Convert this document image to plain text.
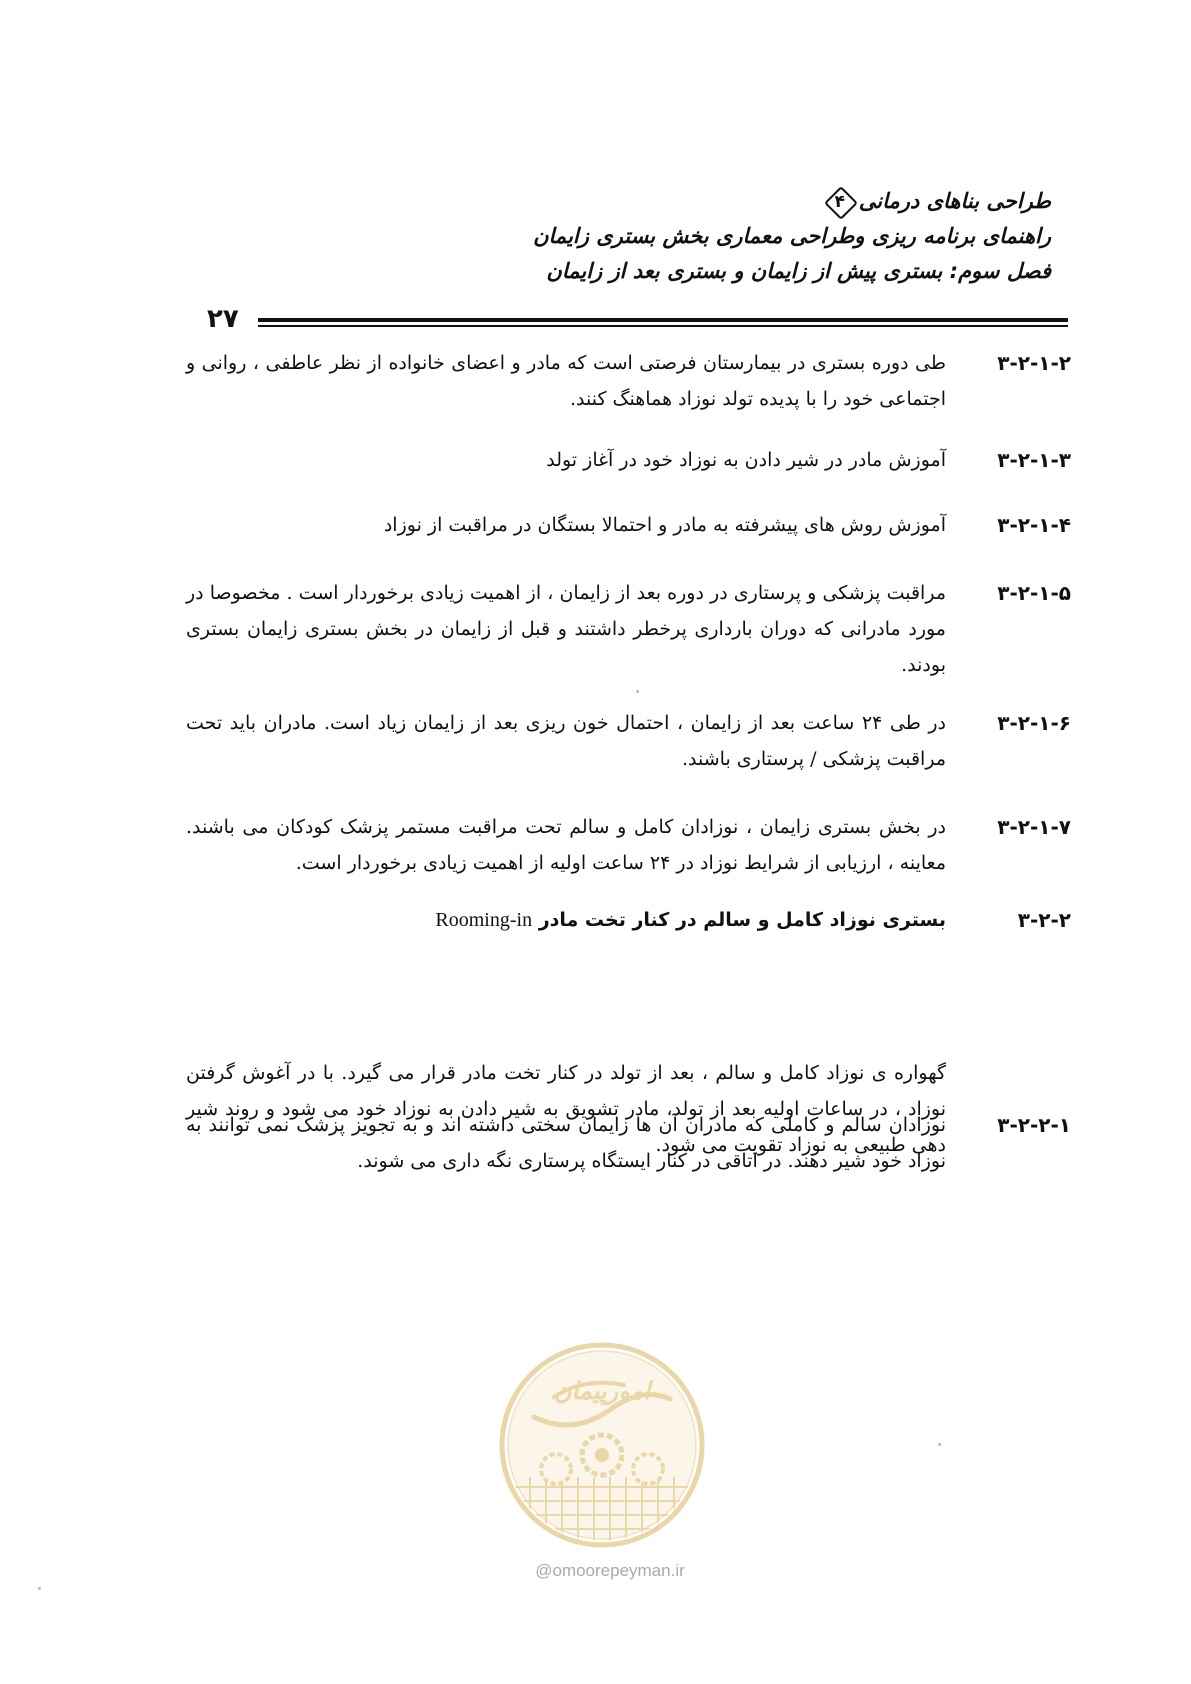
طراحی بناهای درمانی
۴
راهنمای برنامه ریزی وطراحی معماری بخش بستری زایمان
فصل سوم: بستری پیش از زایمان و بستری بعد از زایمان
۲۷
۳-۲-۱-۲
طی دوره بستری در بیمارستان فرصتی است که مادر و اعضای خانواده از نظر عاطفی ، روانی و اجتماعی خود را با پدیده تولد نوزاد هماهنگ کنند.
۳-۲-۱-۳
آموزش مادر در شیر دادن به نوزاد خود در آغاز تولد
۳-۲-۱-۴
آموزش روش های پیشرفته به مادر و احتمالا بستگان در مراقبت از نوزاد
۳-۲-۱-۵
مراقبت پزشکی و پرستاری در دوره بعد از زایمان ، از اهمیت زیادی برخوردار است . مخصوصا در مورد مادرانی که دوران بارداری پرخطر داشتند و قبل از زایمان در بخش بستری زایمان بستری بودند.
۳-۲-۱-۶
در طی ۲۴ ساعت بعد از زایمان ، احتمال خون ریزی بعد از زایمان زیاد است. مادران باید تحت مراقبت پزشکی / پرستاری باشند.
۳-۲-۱-۷
در بخش بستری زایمان ، نوزادان کامل و سالم تحت مراقبت مستمر پزشک کودکان می باشند. معاینه ، ارزیابی از شرایط نوزاد در ۲۴ ساعت اولیه از اهمیت زیادی برخوردار است.
۳-۲-۲
بستری نوزاد کامل و سالم در کنار تخت مادر Rooming-in
گهواره ی نوزاد کامل و سالم ، بعد از تولد در کنار تخت مادر قرار می گیرد. با در آغوش گرفتن نوزاد ، در ساعات اولیه بعد از تولد، مادر تشویق به شیر دادن به نوزاد خود می شود و روند شیر دهی طبیعی به نوزاد تقویت می شود.
۳-۲-۲-۱
نوزادان سالم و کاملی که مادران آن ها زایمان سختی داشته اند و به تجویز پزشک نمی توانند به نوزاد خود شیر دهند. در اتاقی در کنار ایستگاه پرستاری نگه داری می شوند.
امورپیمان
@omoorepeyman.ir
